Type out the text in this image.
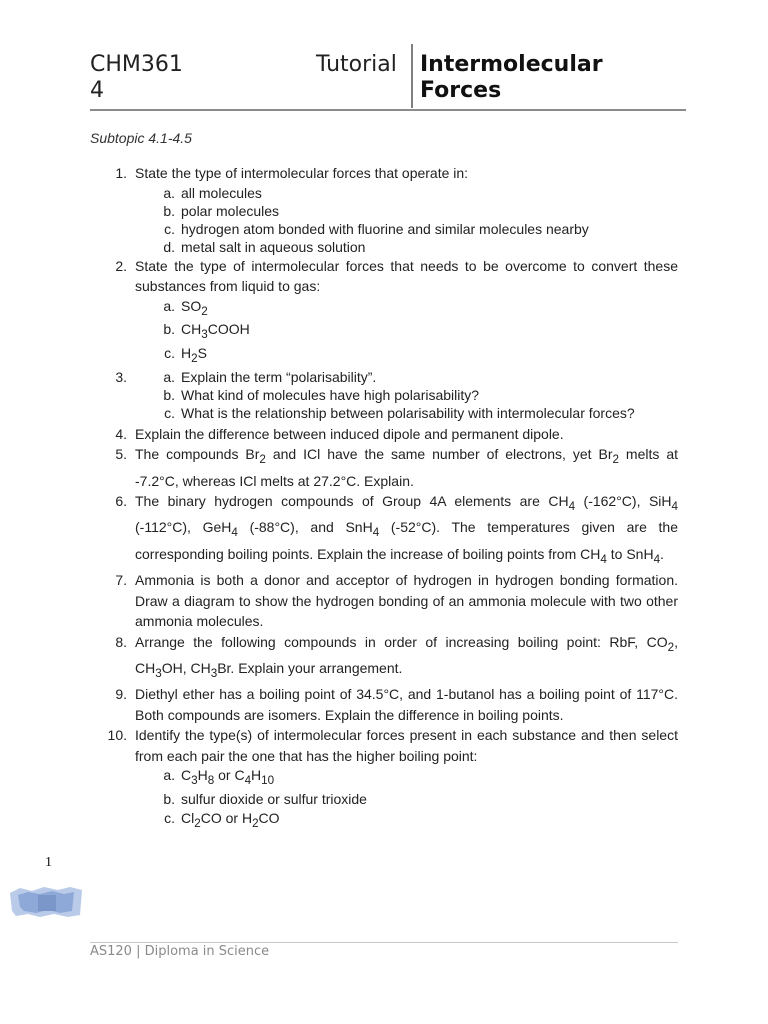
CHM361	Tutorial
4
Intermolecular
Forces
Subtopic 4.1-4.5
1. State the type of intermolecular forces that operate in:
a. all molecules
b. polar molecules
c. hydrogen atom bonded with fluorine and similar molecules nearby
d. metal salt in aqueous solution
2. State the type of intermolecular forces that needs to be overcome to convert these substances from liquid to gas:
a. $SO_2$
b. $CH_3COOH$
c. $H_2S$
3.	a. Explain the term “polarisability”.
b. What kind of molecules have high polarisability?
c. What is the relationship between polarisability with intermolecular forces?
4. Explain the difference between induced dipole and permanent dipole.
5. The compounds $Br_2$ and ICl have the same number of electrons, yet $Br_2$ melts at -7.2°C, whereas ICl melts at 27.2°C. Explain.
6. The binary hydrogen compounds of Group 4A elements are $CH_4$ (-162°C), SiH$_4$ (-112°C), GeH$_4$ (-88°C), and SnH$_4$ (-52°C). The temperatures given are the corresponding boiling points. Explain the increase of boiling points from $CH_4$ to SnH$_4$.
7. Ammonia is both a donor and acceptor of hydrogen in hydrogen bonding formation. Draw a diagram to show the hydrogen bonding of an ammonia molecule with two other ammonia molecules.
8. Arrange the following compounds in order of increasing boiling point: RbF, $CO_2$, $CH_3OH$, $CH_3Br$. Explain your arrangement.
9. Diethyl ether has a boiling point of 34.5°C, and 1-butanol has a boiling point of 117°C. Both compounds are isomers. Explain the difference in boiling points.
10. Identify the type(s) of intermolecular forces present in each substance and then select from each pair the one that has the higher boiling point:
a. $C_3H_8$ or $C_4H_{10}$
b. sulfur dioxide or sulfur trioxide
c. $Cl_2CO$ or $H_2CO$
1
AS120 | Diploma in Science
